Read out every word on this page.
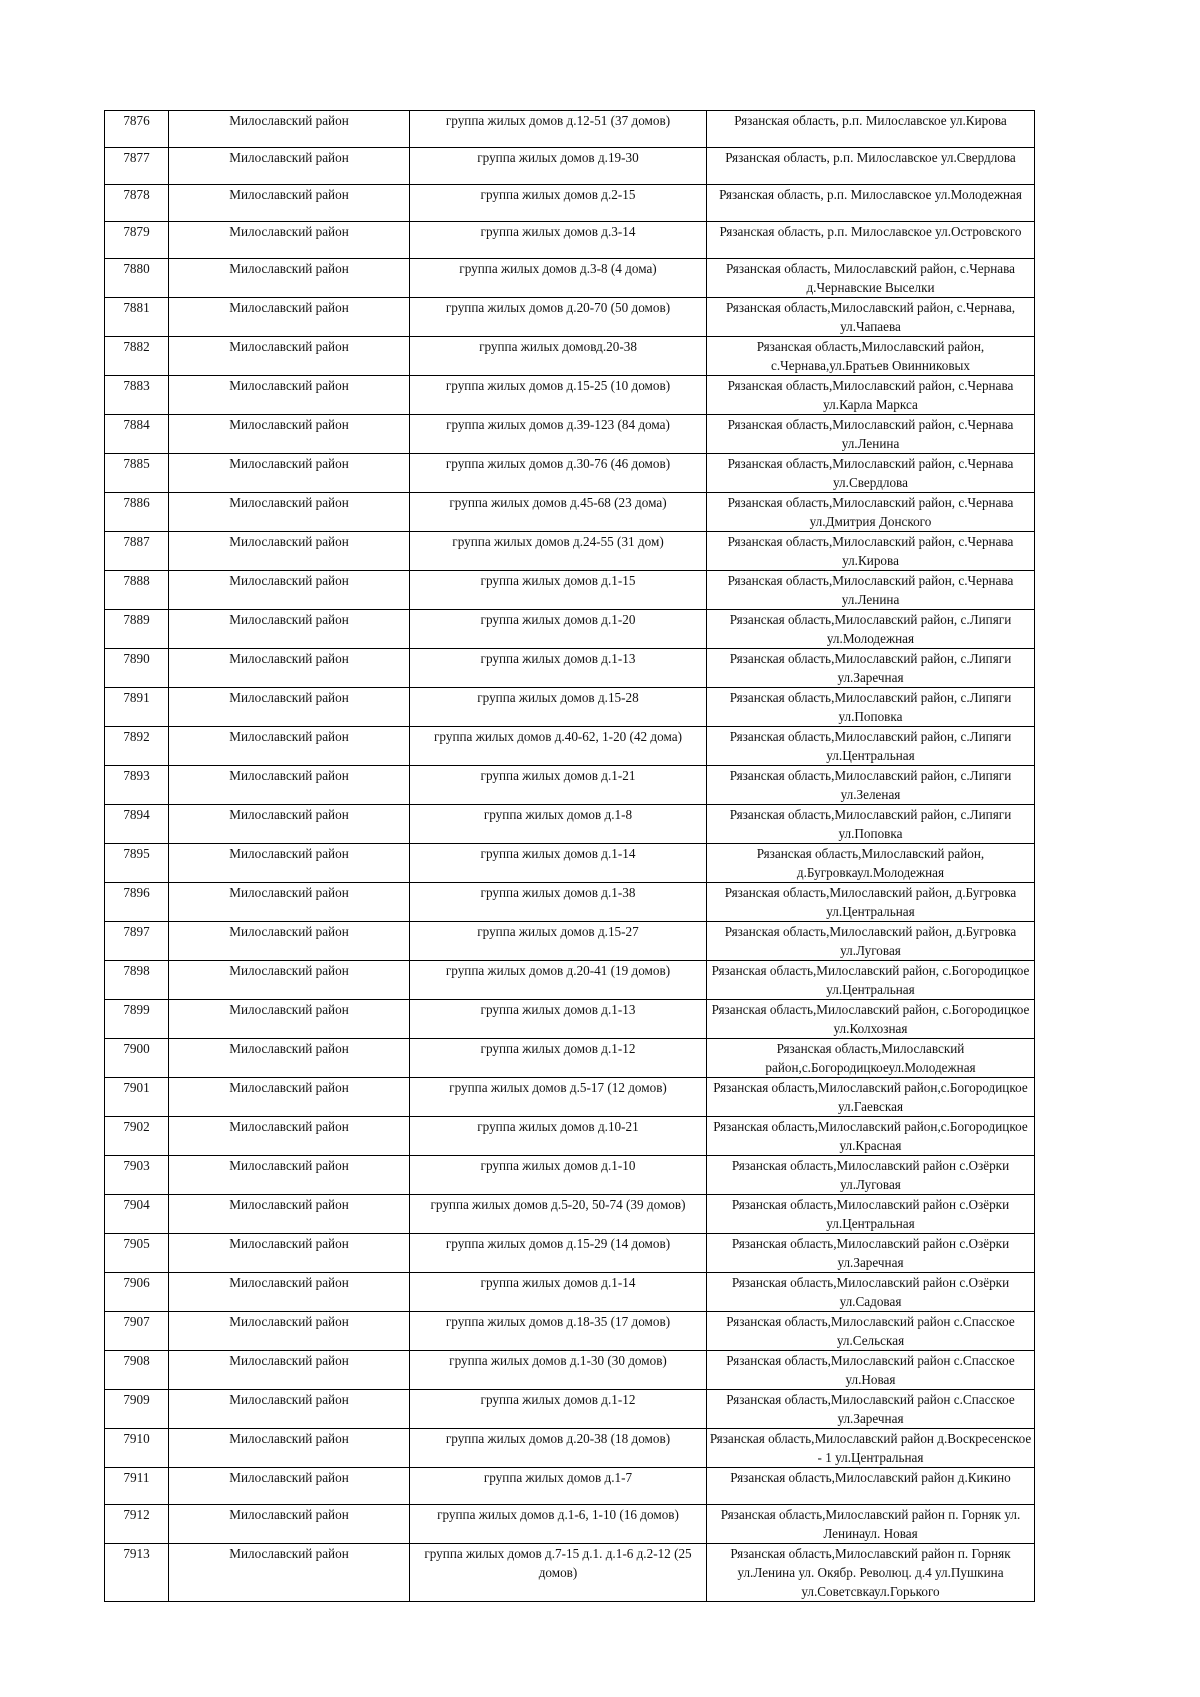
7876	Милославский район	группа жилых домов д.12-51 (37 домов)	Рязанская область, р.п. Милославское ул.Кирова
7877	Милославский район	группа жилых домов д.19-30	Рязанская область, р.п. Милославское ул.Свердлова
7878	Милославский район	группа жилых домов д.2-15	Рязанская область, р.п. Милославское ул.Молодежная
7879	Милославский район	группа жилых домов д.3-14	Рязанская область, р.п. Милославское ул.Островского
7880	Милославский район	группа жилых домов д.3-8 (4 дома)	Рязанская область, Милославский район, с.Чернава д.Чернавские Выселки
7881	Милославский район	группа жилых домов д.20-70 (50 домов)	Рязанская область,Милославский район, с.Чернава, ул.Чапаева
7882	Милославский район	группа жилых домовд.20-38	Рязанская область,Милославский район, с.Чернава,ул.Братьев Овинниковых
7883	Милославский район	группа жилых домов д.15-25 (10 домов)	Рязанская область,Милославский район, с.Чернава ул.Карла Маркса
7884	Милославский район	группа жилых домов д.39-123 (84 дома)	Рязанская область,Милославский район, с.Чернава ул.Ленина
7885	Милославский район	группа жилых домов д.30-76 (46 домов)	Рязанская область,Милославский район, с.Чернава ул.Свердлова
7886	Милославский район	группа жилых домов д.45-68 (23 дома)	Рязанская область,Милославский район, с.Чернава ул.Дмитрия Донского
7887	Милославский район	группа жилых домов д.24-55 (31 дом)	Рязанская область,Милославский район, с.Чернава ул.Кирова
7888	Милославский район	группа жилых домов д.1-15	Рязанская область,Милославский район, с.Чернава ул.Ленина
7889	Милославский район	группа жилых домов д.1-20	Рязанская область,Милославский район, с.Липяги ул.Молодежная
7890	Милославский район	группа жилых домов д.1-13	Рязанская область,Милославский район, с.Липяги ул.Заречная
7891	Милославский район	группа жилых домов д.15-28	Рязанская область,Милославский район, с.Липяги ул.Поповка
7892	Милославский район	группа жилых домов д.40-62, 1-20 (42 дома)	Рязанская область,Милославский район, с.Липяги ул.Центральная
7893	Милославский район	группа жилых домов д.1-21	Рязанская область,Милославский район, с.Липяги ул.Зеленая
7894	Милославский район	группа жилых домов д.1-8	Рязанская область,Милославский район, с.Липяги ул.Поповка
7895	Милославский район	группа жилых домов д.1-14	Рязанская область,Милославский район, д.Бугровкаул.Молодежная
7896	Милославский район	группа жилых домов д.1-38	Рязанская область,Милославский район, д.Бугровка ул.Центральная
7897	Милославский район	группа жилых домов д.15-27	Рязанская область,Милославский район, д.Бугровка ул.Луговая
7898	Милославский район	группа жилых домов д.20-41 (19 домов)	Рязанская область,Милославский район, с.Богородицкое ул.Центральная
7899	Милославский район	группа жилых домов д.1-13	Рязанская область,Милославский район, с.Богородицкое ул.Колхозная
7900	Милославский район	группа жилых домов д.1-12	Рязанская область,Милославский район,с.Богородицкоеул.Молодежная
7901	Милославский район	группа жилых домов д.5-17 (12 домов)	Рязанская область,Милославский район,с.Богородицкое ул.Гаевская
7902	Милославский район	группа жилых домов д.10-21	Рязанская область,Милославский район,с.Богородицкое ул.Красная
7903	Милославский район	группа жилых домов д.1-10	Рязанская область,Милославский район с.Озёрки ул.Луговая
7904	Милославский район	группа жилых домов д.5-20, 50-74 (39 домов)	Рязанская область,Милославский район с.Озёрки ул.Центральная
7905	Милославский район	группа жилых домов д.15-29 (14 домов)	Рязанская область,Милославский район с.Озёрки ул.Заречная
7906	Милославский район	группа жилых домов д.1-14	Рязанская область,Милославский район с.Озёрки ул.Садовая
7907	Милославский район	группа жилых домов д.18-35 (17 домов)	Рязанская область,Милославский район с.Спасское ул.Сельская
7908	Милославский район	группа жилых домов д.1-30 (30 домов)	Рязанская область,Милославский район с.Спасское ул.Новая
7909	Милославский район	группа жилых домов д.1-12	Рязанская область,Милославский район с.Спасское ул.Заречная
7910	Милославский район	группа жилых домов д.20-38 (18 домов)	Рязанская область,Милославский район д.Воскресенское - 1 ул.Центральная
7911	Милославский район	группа жилых домов д.1-7	Рязанская область,Милославский район д.Кикино
7912	Милославский район	группа жилых домов д.1-6, 1-10 (16 домов)	Рязанская область,Милославский район п. Горняк ул. Ленинаул. Новая
7913	Милославский район	группа жилых домов д.7-15 д.1. д.1-6 д.2-12 (25 домов)	Рязанская область,Милославский район п. Горняк ул.Ленина ул. Окябр. Революц. д.4 ул.Пушкина ул.Советсвкаул.Горького
